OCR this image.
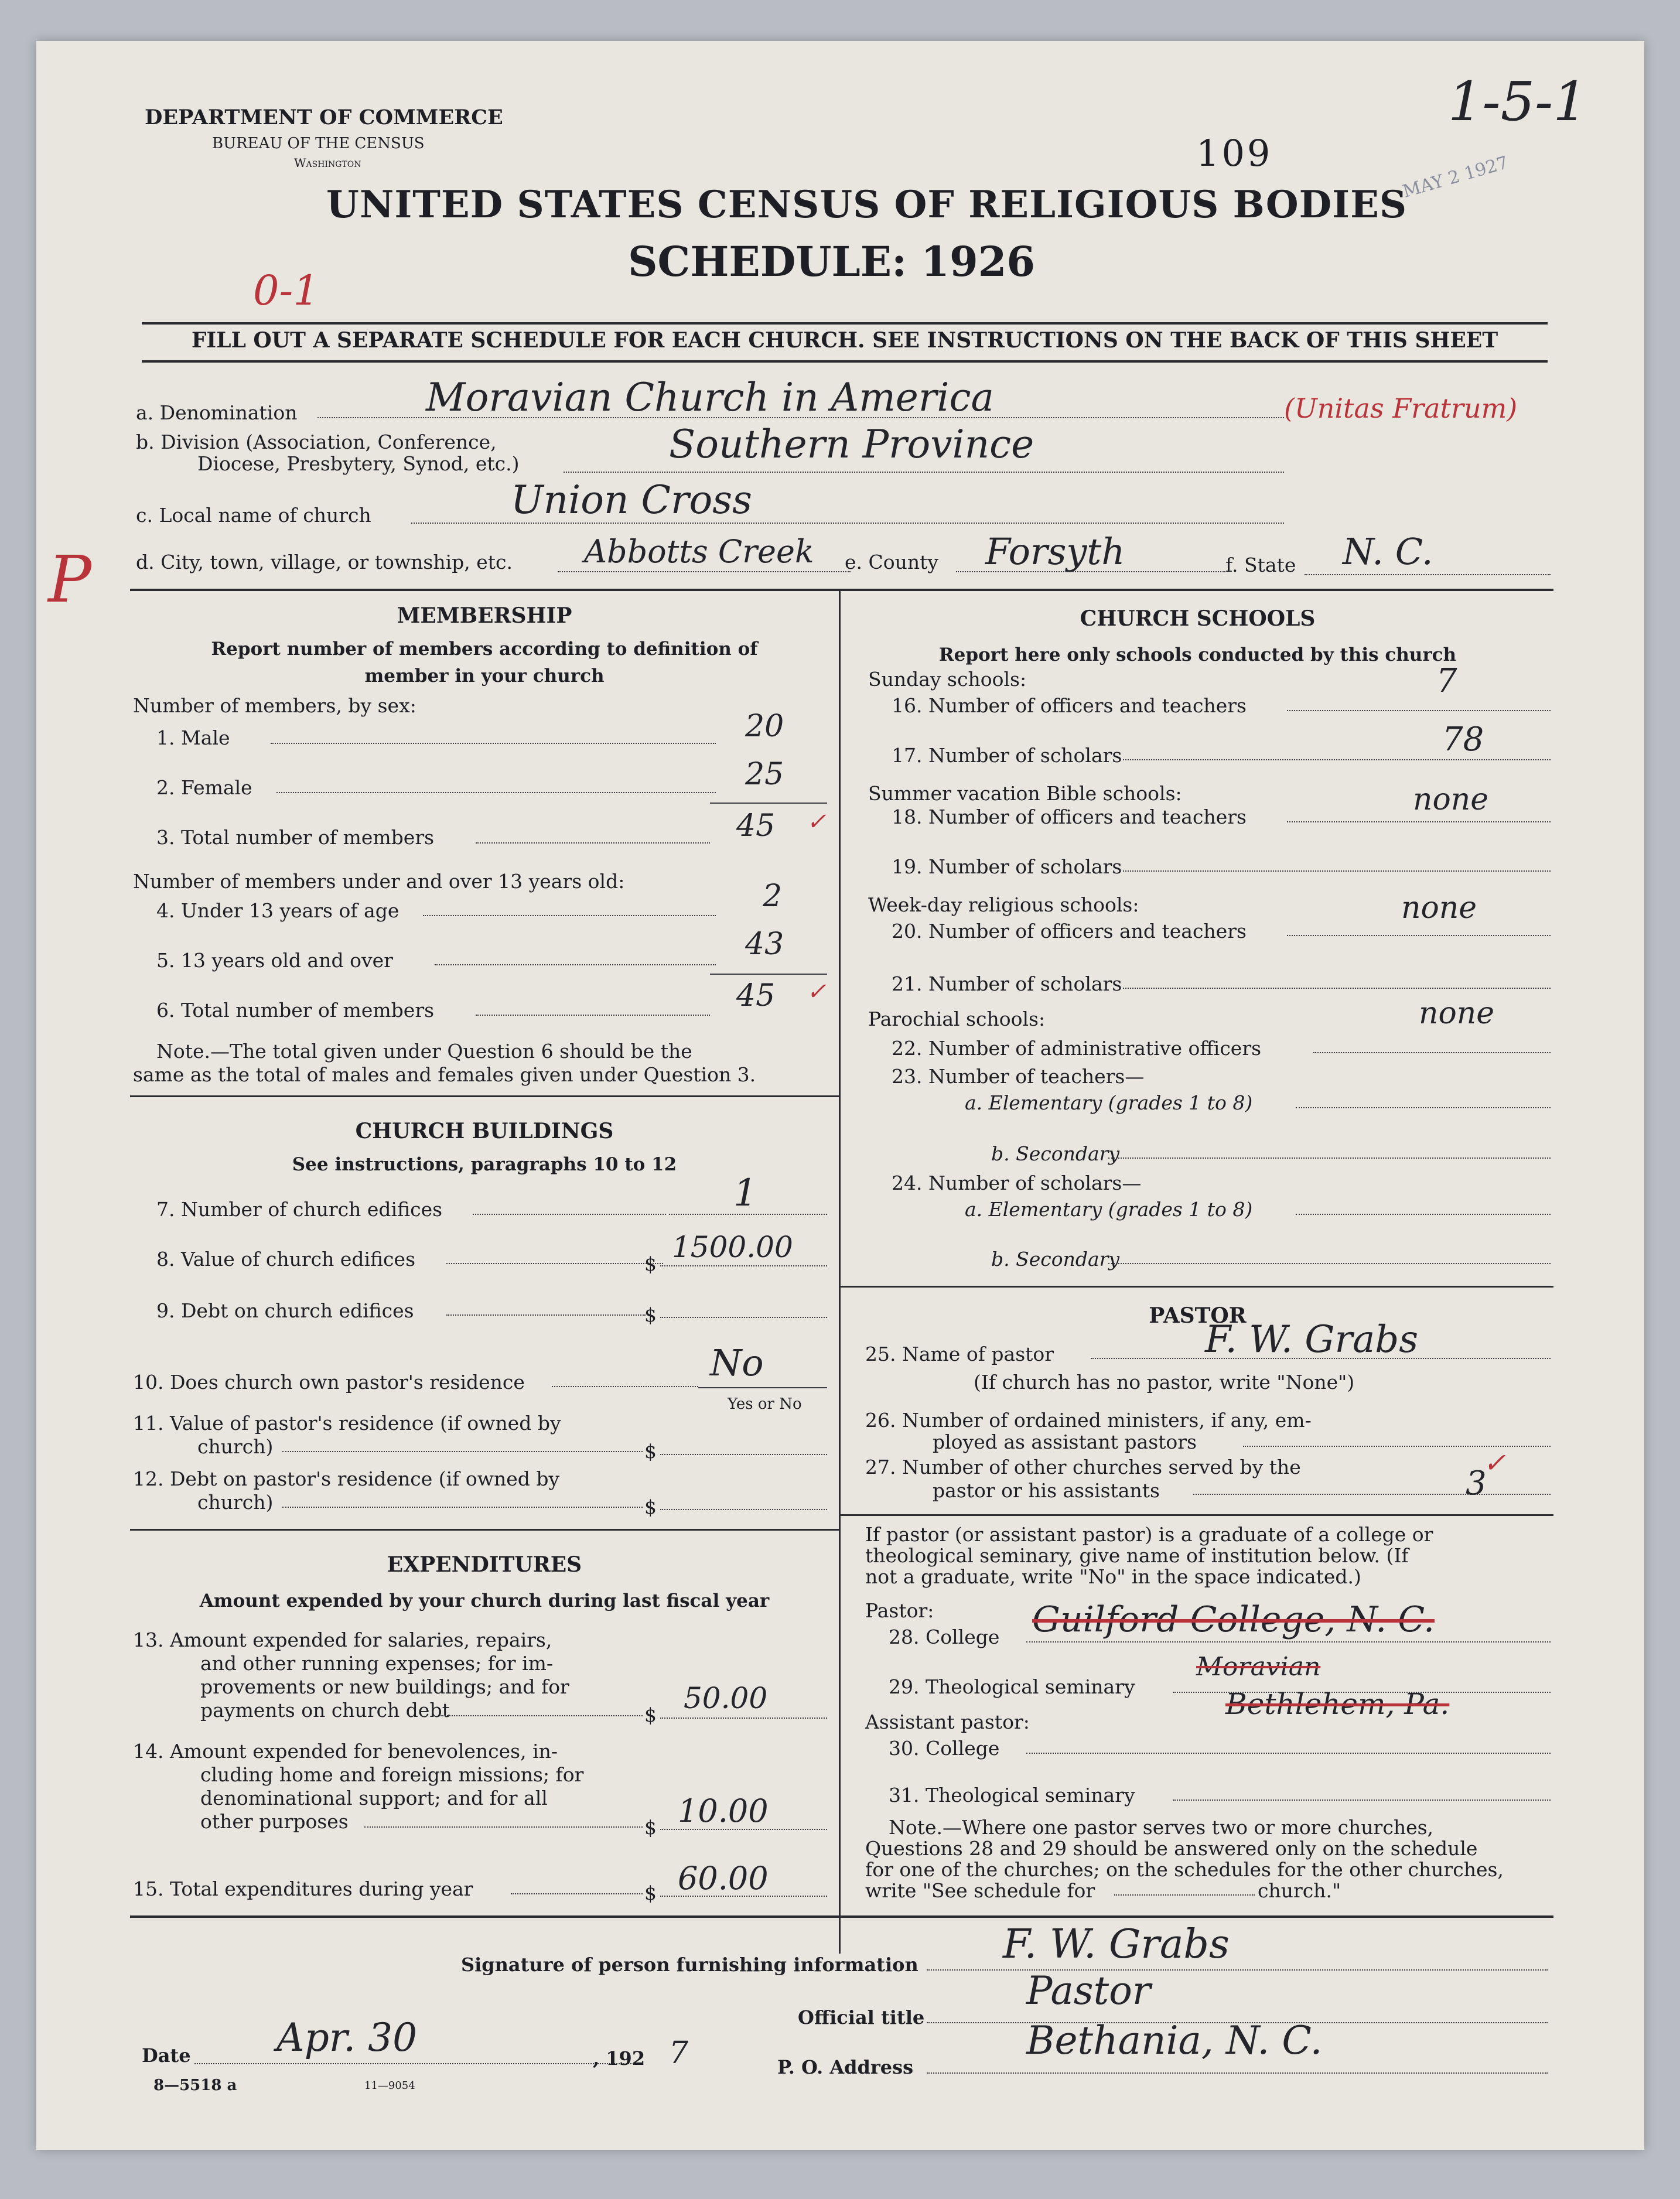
DEPARTMENT OF COMMERCE
BUREAU OF THE CENSUS
Washington
UNITED STATES CENSUS OF RELIGIOUS BODIES
SCHEDULE: 1926
109
1-5-1
MAY 2 1927
0-1
FILL OUT A SEPARATE SCHEDULE FOR EACH CHURCH. SEE INSTRUCTIONS ON THE BACK OF THIS SHEET
a. Denomination	Moravian Church in America	(Unitas Fratrum)
b. Division (Association, Conference,
Diocese, Presbytery, Synod, etc.)	Southern Province
c. Local name of church	Union Cross
P d. City, town, village, or township, etc. Abbotts Creek e. County Forsyth	f. State N. C.
MEMBERSHIP
Report number of members according to definition of
member in your church
Number of members, by sex:
1. Male	20
2. Female	25
3. Total number of members	45 ✓
Number of members under and over 13 years old:
4. Under 13 years of age	2
5. 13 years old and over	43
6. Total number of members	45 ✓
Note.—The total given under Question 6 should be the
same as the total of males and females given under Question 3.
CHURCH BUILDINGS
See instructions, paragraphs 10 to 12
7. Number of church edifices	1
8. Value of church edifices	$ 1500.00
9. Debt on church edifices	$
10. Does church own pastor's residence	No
Yes or No
11. Value of pastor's residence (if owned by
church)	$
12. Debt on pastor's residence (if owned by
church)	$
EXPENDITURES
Amount expended by your church during last fiscal year
13. Amount expended for salaries, repairs,
and other running expenses; for im-
provements or new buildings; and for
payments on church debt	$ 50.00
14. Amount expended for benevolences, in-
cluding home and foreign missions; for
denominational support; and for all
other purposes	$ 10.00
15. Total expenditures during year	$ 60.00
CHURCH SCHOOLS
Report here only schools conducted by this church
Sunday schools:	7
16. Number of officers and teachers
17. Number of scholars	78
Summer vacation Bible schools:
18. Number of officers and teachers	none
19. Number of scholars
Week-day religious schools:
20. Number of officers and teachers
none
21. Number of scholars
Parochial schools:	none
22. Number of administrative officers
23. Number of teachers—
a. Elementary (grades 1 to 8)
b. Secondary
24. Number of scholars—
a. Elementary (grades 1 to 8)
b. Secondary
PASTOR
25. Name of pastor	F. W. Grabs
(If church has no pastor, write "None")
26. Number of ordained ministers, if any, em-
ployed as assistant pastors
27. Number of other churches served by the
pastor or his assistants	3
✓
If pastor (or assistant pastor) is a graduate of a college or
theological seminary, give name of institution below. (If
not a graduate, write "No" in the space indicated.)
Pastor:
28. College Guilford College, N. C.
29. Theological seminary
Moravian
Bethlehem, Pa.
Assistant pastor:
30. College
31. Theological seminary
Note.—Where one pastor serves two or more churches,
Questions 28 and 29 should be answered only on the schedule
for one of the churches; on the schedules for the other churches,
write "See schedule for	church."
Signature of person furnishing information F. W. Grabs
Official title
Pastor
Date Apr. 30	, 192 7	P. O. Address
Bethania, N. C.
8—5518 a	11—9054
